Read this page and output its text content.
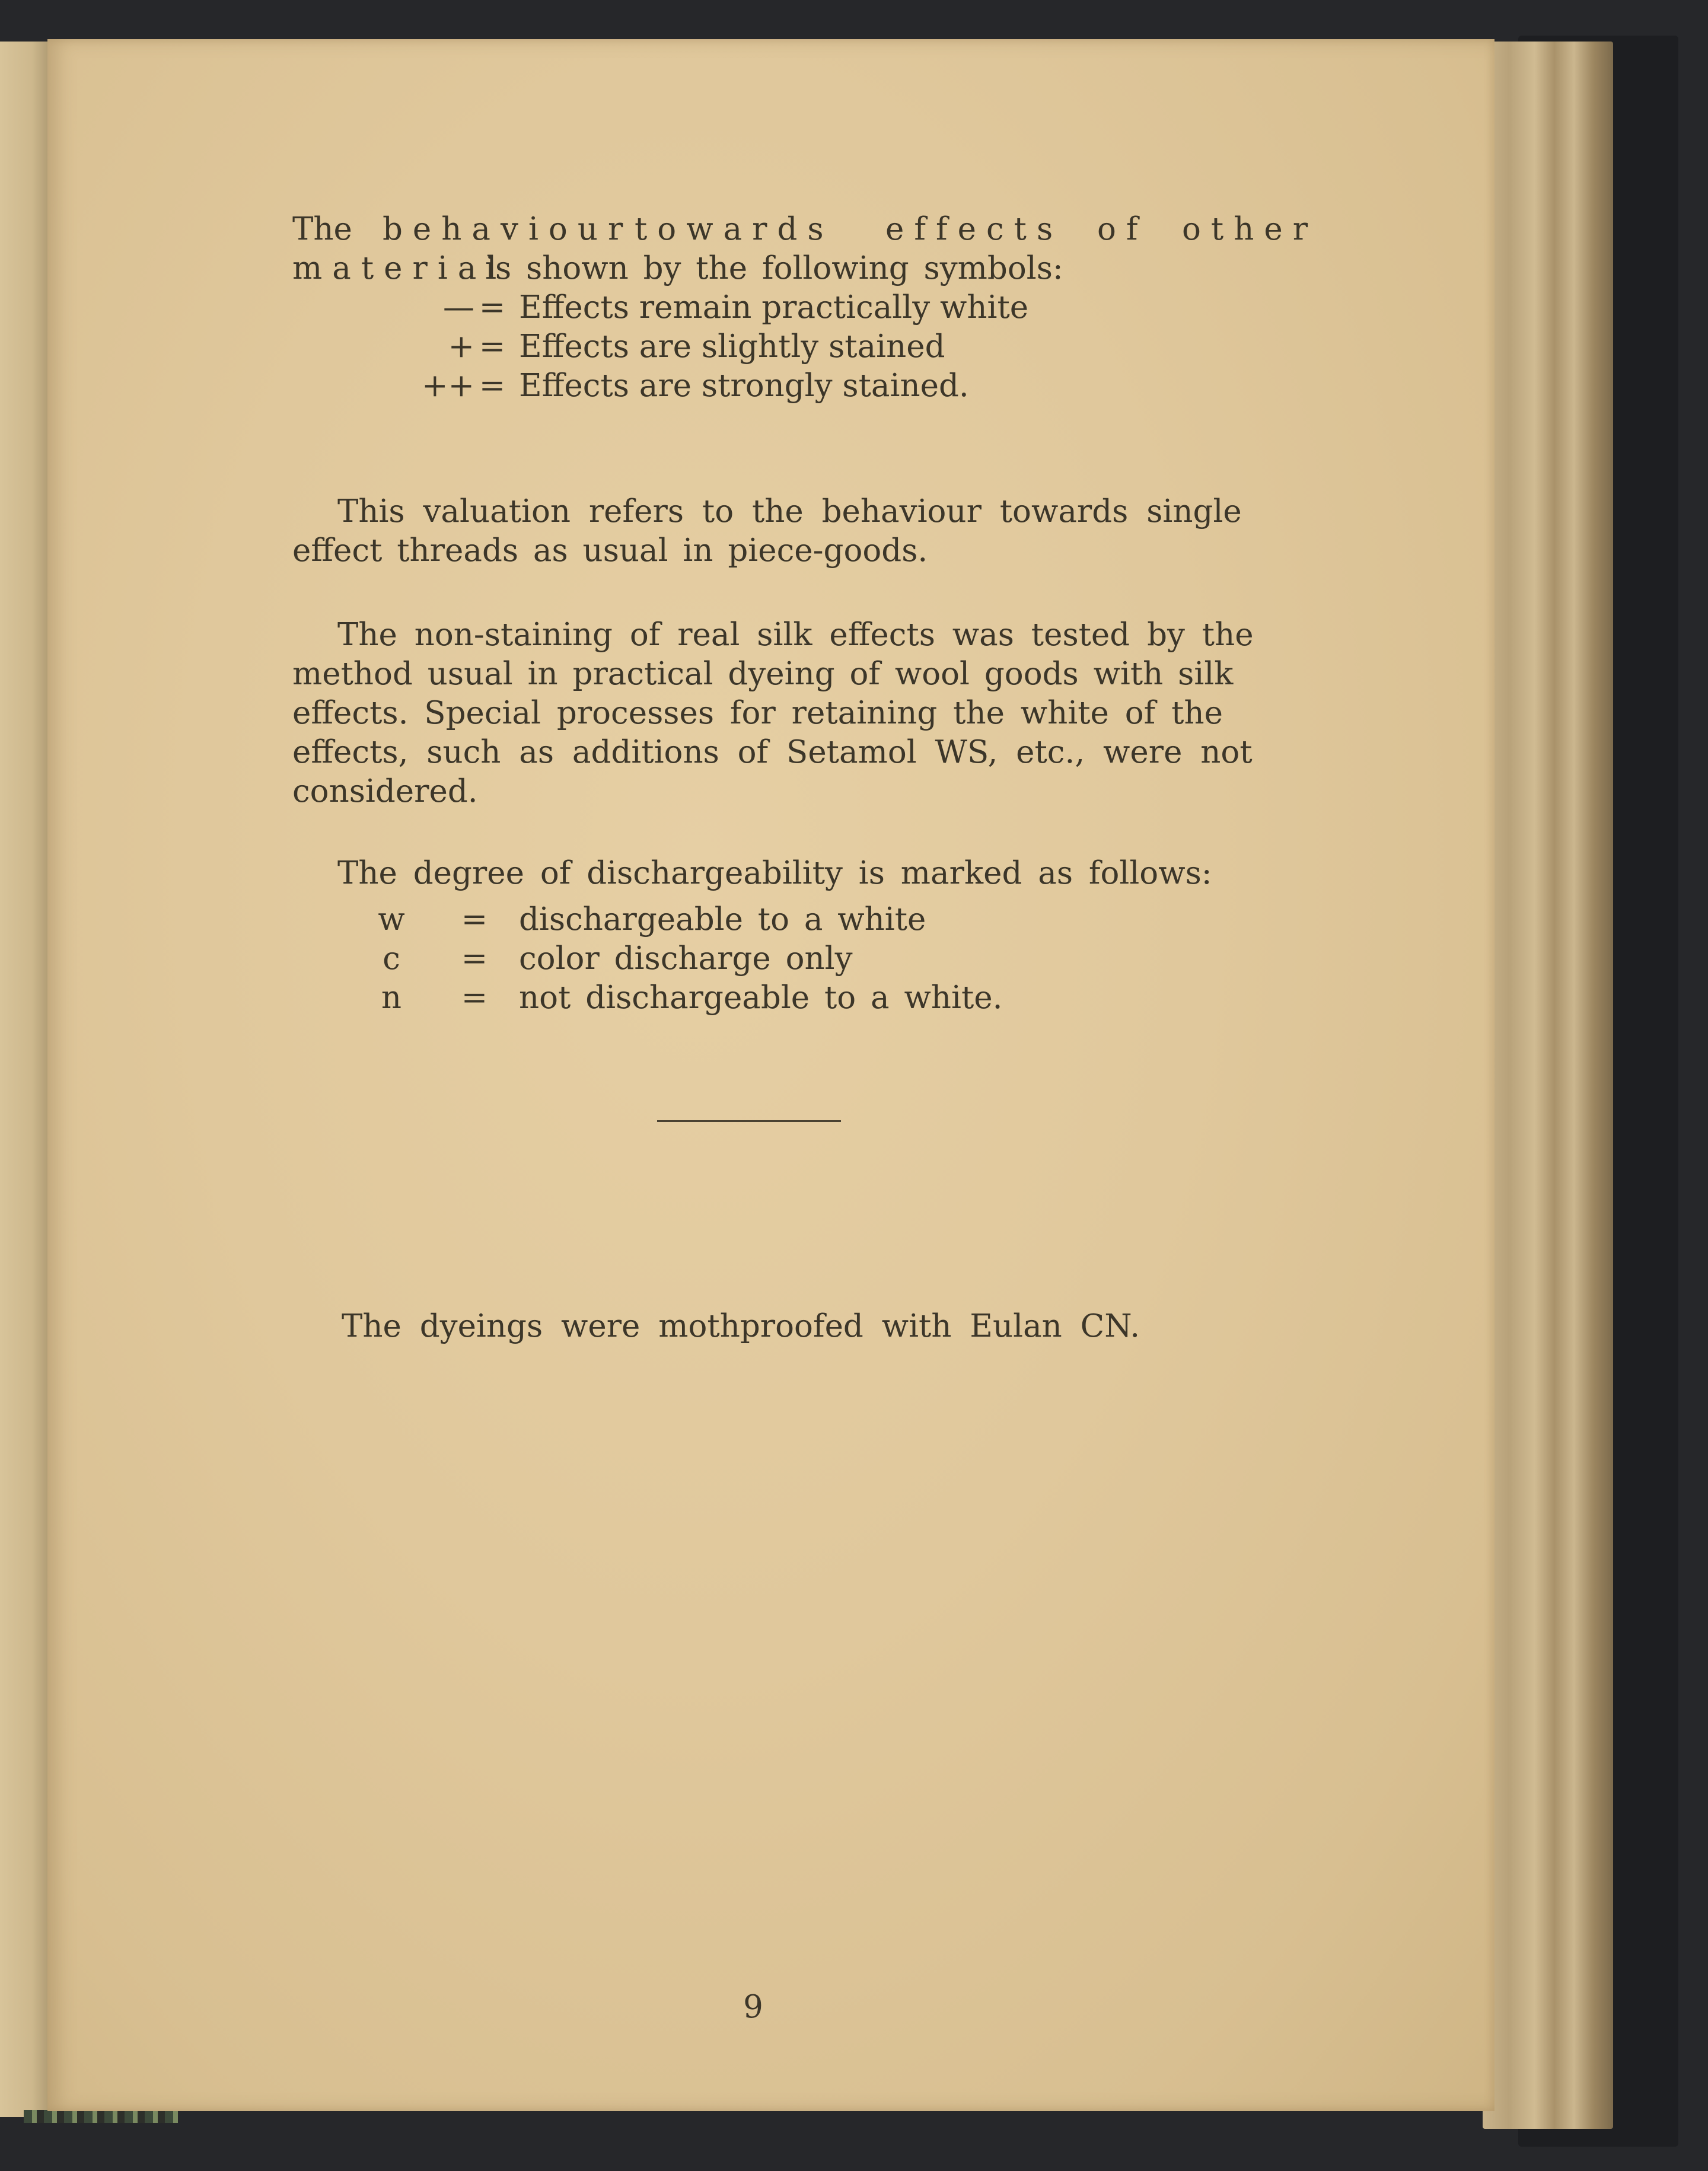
The behaviour towards effects of other
material
is shown by the following symbols:
— = Effects remain practically white
+ = Effects are slightly stained
++ = Effects are strongly stained.
This valuation refers to the behaviour towards single
effect threads as usual in piece-goods.
The non-staining of real silk effects was tested by the
method usual in practical dyeing of wool goods with silk
effects. Special processes for retaining the white of the
effects, such as additions of Setamol WS, etc., were not
considered.
The degree of dischargeability is marked as follows:
w	= dischargeable to a white
c	= color discharge only
n	= not dischargeable to a white.
The dyeings were mothproofed with Eulan CN.
9
